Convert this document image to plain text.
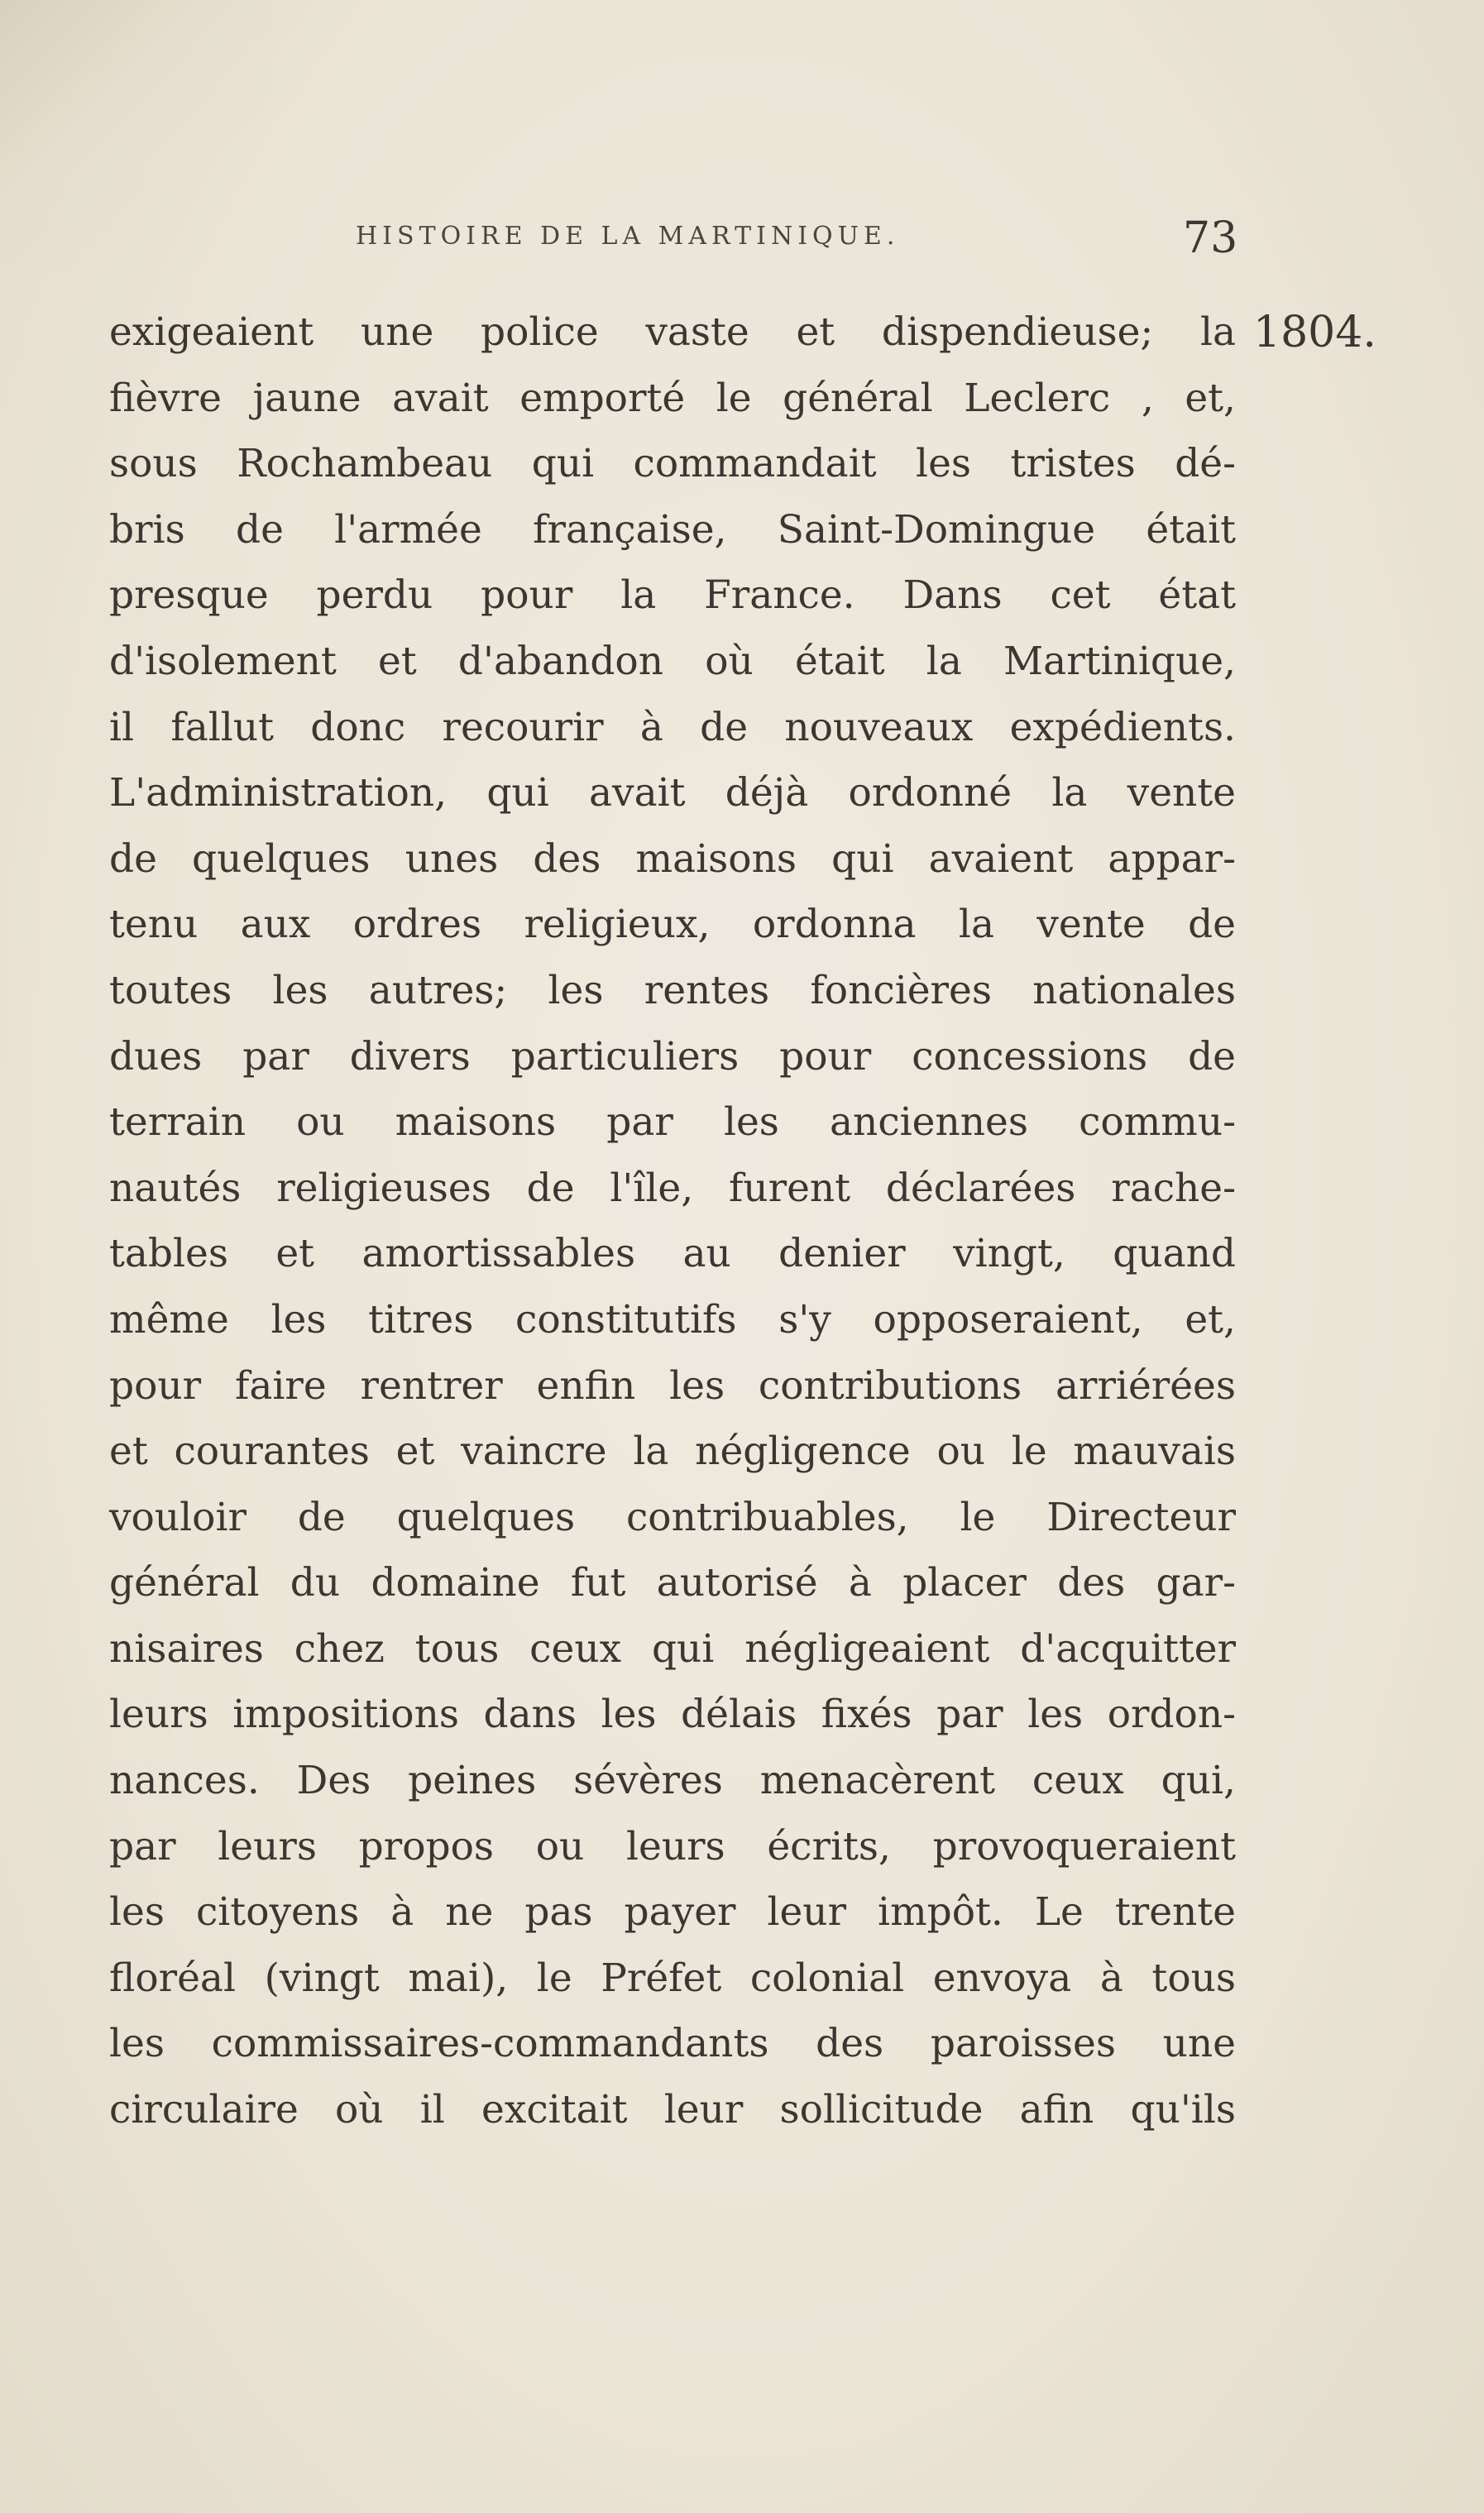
HISTOIRE DE LA MARTINIQUE.	73
1804.
exigeaient une police vaste et dispendieuse; la
fièvre jaune avait emporté le général Leclerc , et,
sous Rochambeau qui commandait les tristes dé-
bris de l'armée française, Saint-Domingue était
presque perdu pour la France. Dans cet état
d'isolement et d'abandon où était la Martinique,
il fallut donc recourir à de nouveaux expédients.
L'administration, qui avait déjà ordonné la vente
de quelques unes des maisons qui avaient appar-
tenu aux ordres religieux, ordonna la vente de
toutes les autres; les rentes foncières nationales
dues par divers particuliers pour concessions de
terrain ou maisons par les anciennes commu-
nautés religieuses de l'île, furent déclarées rache-
tables et amortissables au denier vingt, quand
même les titres constitutifs s'y opposeraient, et,
pour faire rentrer enfin les contributions arriérées
et courantes et vaincre la négligence ou le mauvais
vouloir de quelques contribuables, le Directeur
général du domaine fut autorisé à placer des gar-
nisaires chez tous ceux qui négligeaient d'acquitter
leurs impositions dans les délais fixés par les ordon-
nances. Des peines sévères menacèrent ceux qui,
par leurs propos ou leurs écrits, provoqueraient
les citoyens à ne pas payer leur impôt. Le trente
floréal (vingt mai), le Préfet colonial envoya à tous
les commissaires-commandants des paroisses une
circulaire où il excitait leur sollicitude afin qu'ils
